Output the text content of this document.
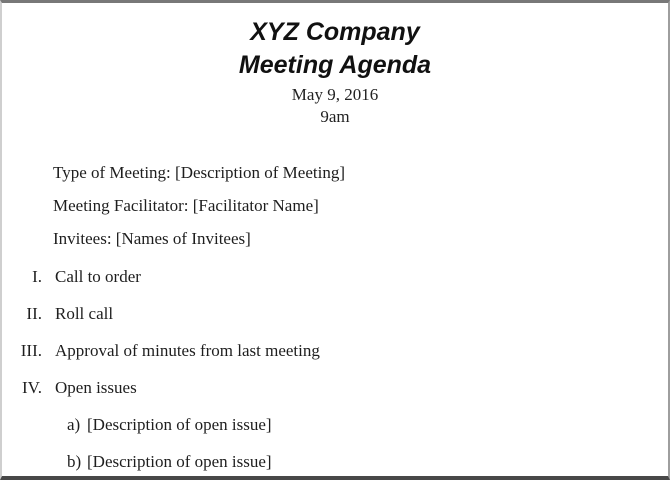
XYZ Company
Meeting Agenda
May 9, 2016
9am

Type of Meeting: [Description of Meeting]

Meeting Facilitator: [Facilitator Name]

Invitees: [Names of Invitees]

I. Call to order
II. Roll call
III. Approval of minutes from last meeting
IV. Open issues
a) [Description of open issue]
b) [Description of open issue]
